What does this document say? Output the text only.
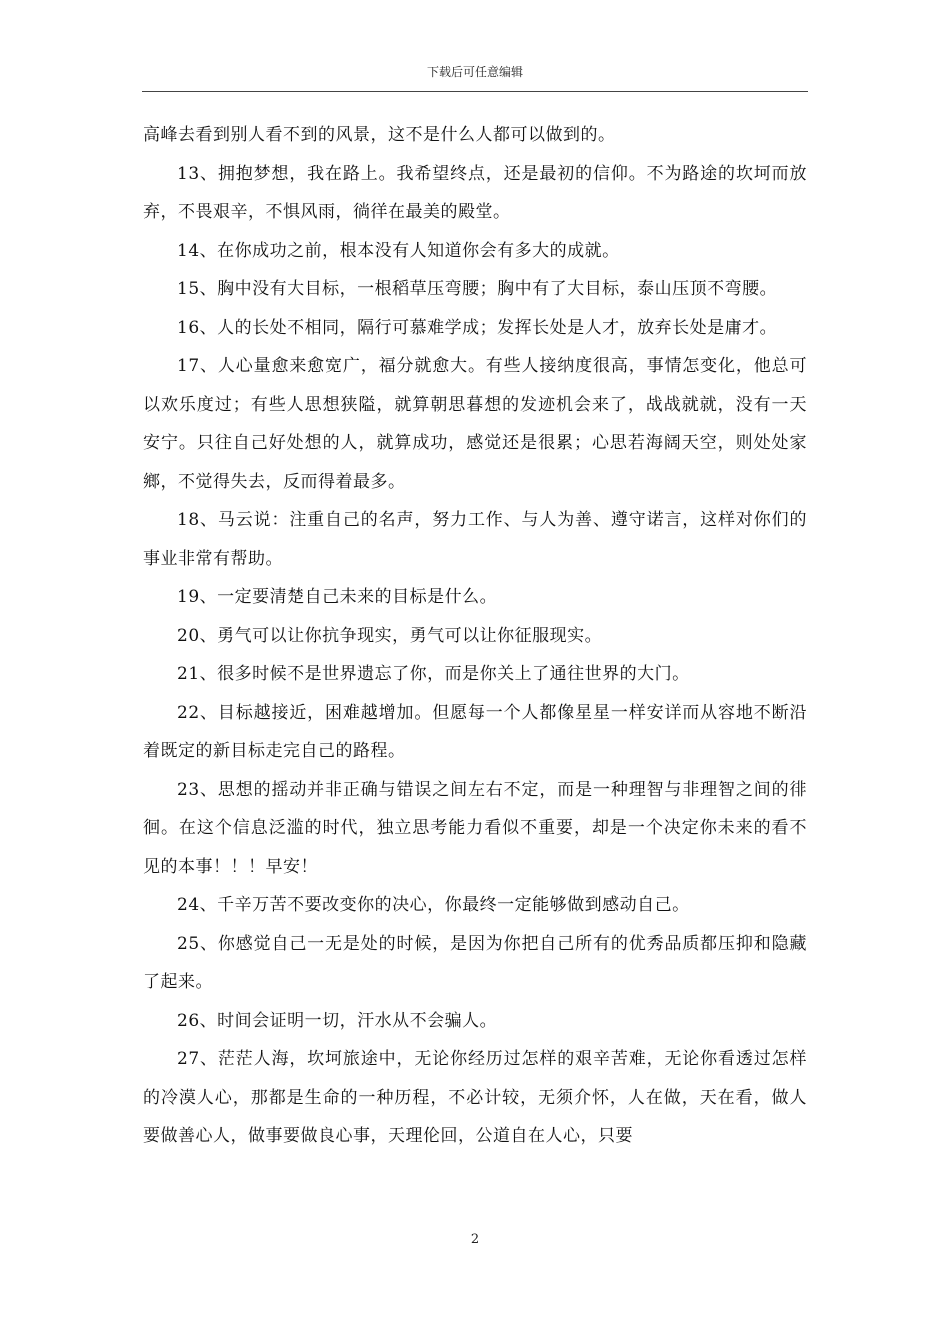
下载后可任意编辑

高峰去看到别人看不到的风景，这不是什么人都可以做到的。

13、拥抱梦想，我在路上。我希望终点，还是最初的信仰。不为路途的坎坷而放弃，不畏艰辛，不惧风雨，徜徉在最美的殿堂。

14、在你成功之前，根本没有人知道你会有多大的成就。

15、胸中没有大目标，一根稻草压弯腰；胸中有了大目标，泰山压顶不弯腰。

16、人的长处不相同，隔行可慕难学成；发挥长处是人才，放弃长处是庸才。

17、人心量愈来愈宽广，福分就愈大。有些人接纳度很高，事情怎变化，他总可以欢乐度过；有些人思想狭隘，就算朝思暮想的发迹机会来了，战战就就，没有一天安宁。只往自己好处想的人，就算成功，感觉还是很累；心思若海阔天空，则处处家鄉，不觉得失去，反而得着最多。

18、马云说：注重自己的名声，努力工作、与人为善、遵守诺言，这样对你们的事业非常有帮助。

19、一定要清楚自己未来的目标是什么。

20、勇气可以让你抗争现实，勇气可以让你征服现实。

21、很多时候不是世界遗忘了你，而是你关上了通往世界的大门。

22、目标越接近，困难越增加。但愿每一个人都像星星一样安详而从容地不断沿着既定的新目标走完自己的路程。

23、思想的摇动并非正确与错误之间左右不定，而是一种理智与非理智之间的徘徊。在这个信息泛滥的时代，独立思考能力看似不重要，却是一个决定你未来的看不见的本事！！！早安！

24、千辛万苦不要改变你的决心，你最终一定能够做到感动自己。

25、你感觉自己一无是处的时候，是因为你把自己所有的优秀品质都压抑和隐藏了起来。

26、时间会证明一切，汗水从不会骗人。

27、茫茫人海，坎坷旅途中，无论你经历过怎样的艰辛苦难，无论你看透过怎样的冷漠人心，那都是生命的一种历程，不必计较，无须介怀，人在做，天在看，做人要做善心人，做事要做良心事，天理伦回，公道自在人心，只要

2
